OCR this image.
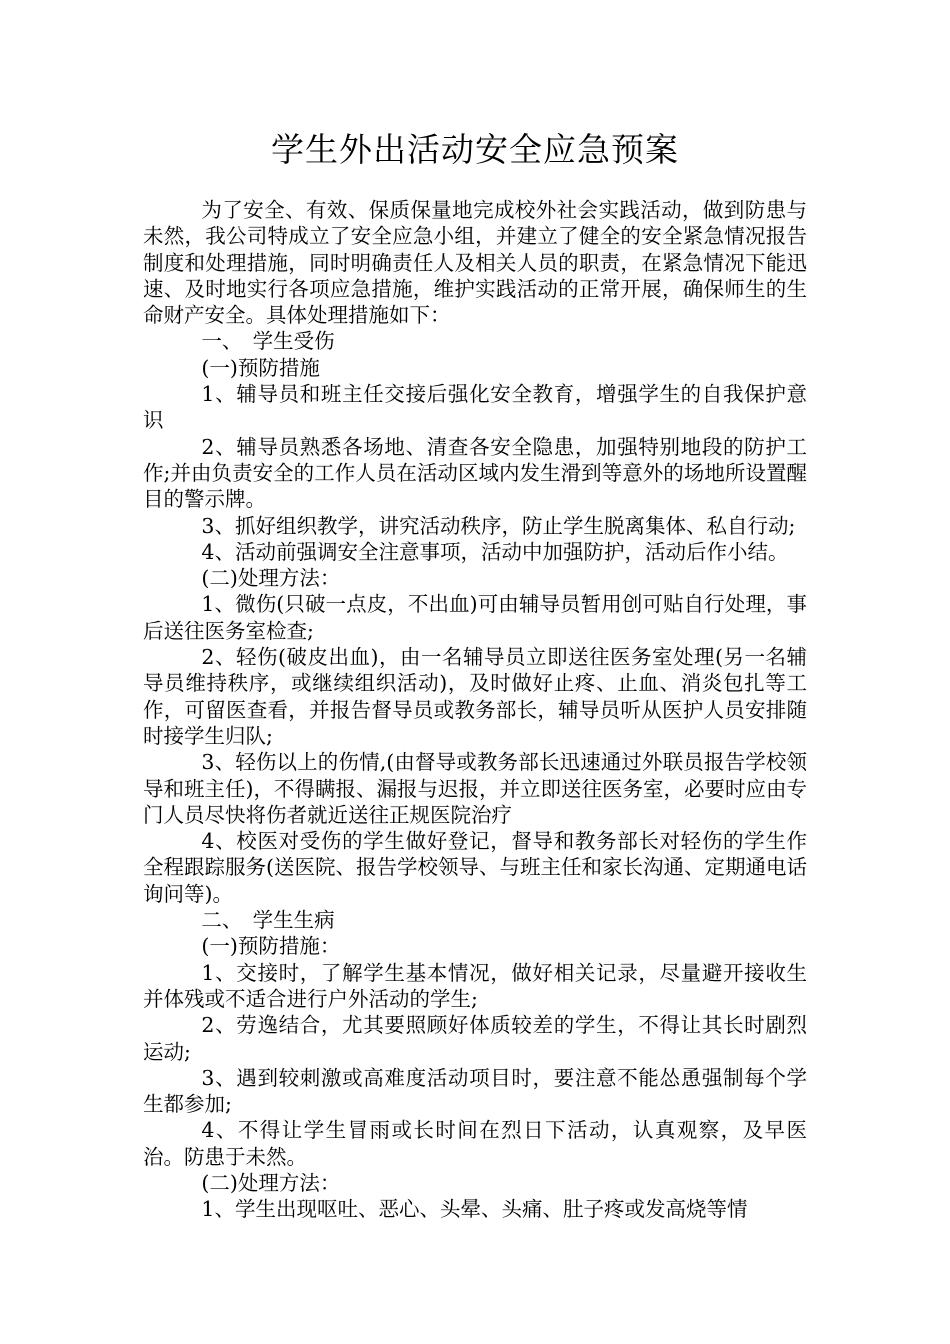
学生外出活动安全应急预案

为了安全、有效、保质保量地完成校外社会实践活动，做到防患与未然，我公司特成立了安全应急小组，并建立了健全的安全紧急情况报告制度和处理措施，同时明确责任人及相关人员的职责，在紧急情况下能迅速、及时地实行各项应急措施，维护实践活动的正常开展，确保师生的生命财产安全。具体处理措施如下：

一、　学生受伤

(一)预防措施

1、辅导员和班主任交接后强化安全教育，增强学生的自我保护意识

2、辅导员熟悉各场地、清查各安全隐患，加强特别地段的防护工作;并由负责安全的工作人员在活动区域内发生滑到等意外的场地所设置醒目的警示牌。

3、抓好组织教学，讲究活动秩序，防止学生脱离集体、私自行动;

4、活动前强调安全注意事项，活动中加强防护，活动后作小结。

(二)处理方法：

1、微伤(只破一点皮，不出血)可由辅导员暂用创可贴自行处理，事后送往医务室检查;

2、轻伤(破皮出血)，由一名辅导员立即送往医务室处理(另一名辅导员维持秩序，或继续组织活动)，及时做好止疼、止血、消炎包扎等工作，可留医查看，并报告督导员或教务部长，辅导员听从医护人员安排随时接学生归队;

3、轻伤以上的伤情,(由督导或教务部长迅速通过外联员报告学校领导和班主任)，不得瞒报、漏报与迟报，并立即送往医务室，必要时应由专门人员尽快将伤者就近送往正规医院治疗

4、校医对受伤的学生做好登记，督导和教务部长对轻伤的学生作全程跟踪服务(送医院、报告学校领导、与班主任和家长沟通、定期通电话询问等)。

二、　学生生病

(一)预防措施：

1、交接时，了解学生基本情况，做好相关记录，尽量避开接收生并体残或不适合进行户外活动的学生;

2、劳逸结合，尤其要照顾好体质较差的学生，不得让其长时剧烈运动;

3、遇到较刺激或高难度活动项目时，要注意不能怂恿强制每个学生都参加;

4、不得让学生冒雨或长时间在烈日下活动，认真观察，及早医治。防患于未然。

(二)处理方法：

1、学生出现呕吐、恶心、头晕、头痛、肚子疼或发高烧等情
